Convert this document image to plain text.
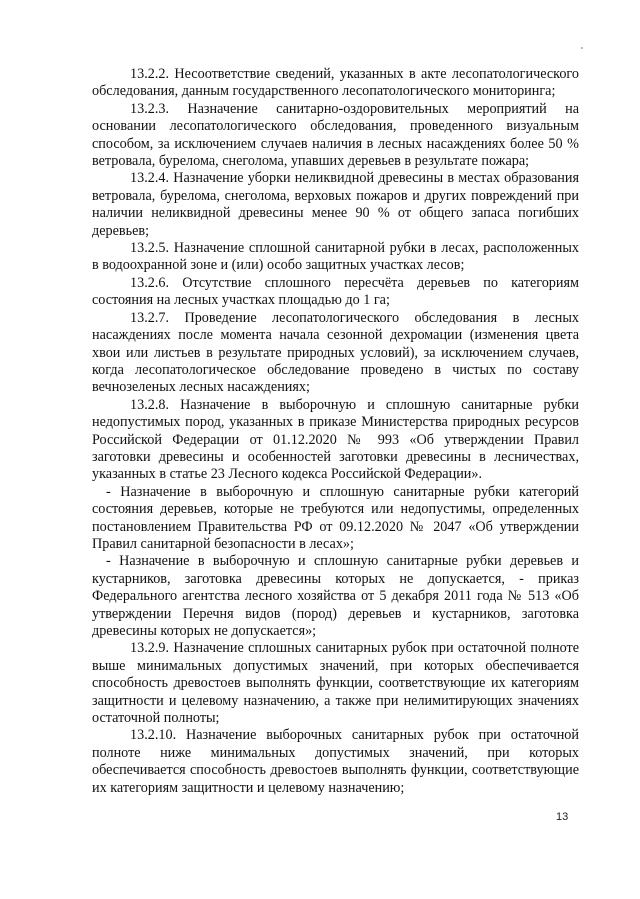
13.2.2. Несоответствие сведений, указанных в акте лесопатологического обследования, данным государственного лесопатологического мониторинга;

13.2.3. Назначение санитарно-оздоровительных мероприятий на основании лесопатологического обследования, проведенного визуальным способом, за исключением случаев наличия в лесных насаждениях более 50 % ветровала, бурелома, снеголома, упавших деревьев в результате пожара;

13.2.4. Назначение уборки неликвидной древесины в местах образования ветровала, бурелома, снеголома, верховых пожаров и других повреждений при наличии неликвидной древесины менее 90 % от общего запаса погибших деревьев;

13.2.5. Назначение сплошной санитарной рубки в лесах, расположенных в водоохранной зоне и (или) особо защитных участках лесов;

13.2.6. Отсутствие сплошного пересчёта деревьев по категориям состояния на лесных участках площадью до 1 га;

13.2.7. Проведение лесопатологического обследования в лесных насаждениях после момента начала сезонной дехромации (изменения цвета хвои или листьев в результате природных условий), за исключением случаев, когда лесопатологическое обследование проведено в чистых по составу вечнозеленых лесных насаждениях;

13.2.8. Назначение в выборочную и сплошную санитарные рубки недопустимых пород, указанных в приказе Министерства природных ресурсов Российской Федерации от 01.12.2020 № 993 «Об утверждении Правил заготовки древесины и особенностей заготовки древесины в лесничествах, указанных в статье 23 Лесного кодекса Российской Федерации».

- Назначение в выборочную и сплошную санитарные рубки категорий состояния деревьев, которые не требуются или недопустимы, определенных постановлением Правительства РФ от 09.12.2020 № 2047 «Об утверждении Правил санитарной безопасности в лесах»;

- Назначение в выборочную и сплошную санитарные рубки деревьев и кустарников, заготовка древесины которых не допускается, - приказ Федерального агентства лесного хозяйства от 5 декабря 2011 года № 513 «Об утверждении Перечня видов (пород) деревьев и кустарников, заготовка древесины которых не допускается»;

13.2.9. Назначение сплошных санитарных рубок при остаточной полноте выше минимальных допустимых значений, при которых обеспечивается способность древостоев выполнять функции, соответствующие их категориям защитности и целевому назначению, а также при нелимитирующих значениях остаточной полноты;

13.2.10. Назначение выборочных санитарных рубок при остаточной полноте ниже минимальных допустимых значений, при которых обеспечивается способность древостоев выполнять функции, соответствующие их категориям защитности и целевому назначению;

13
